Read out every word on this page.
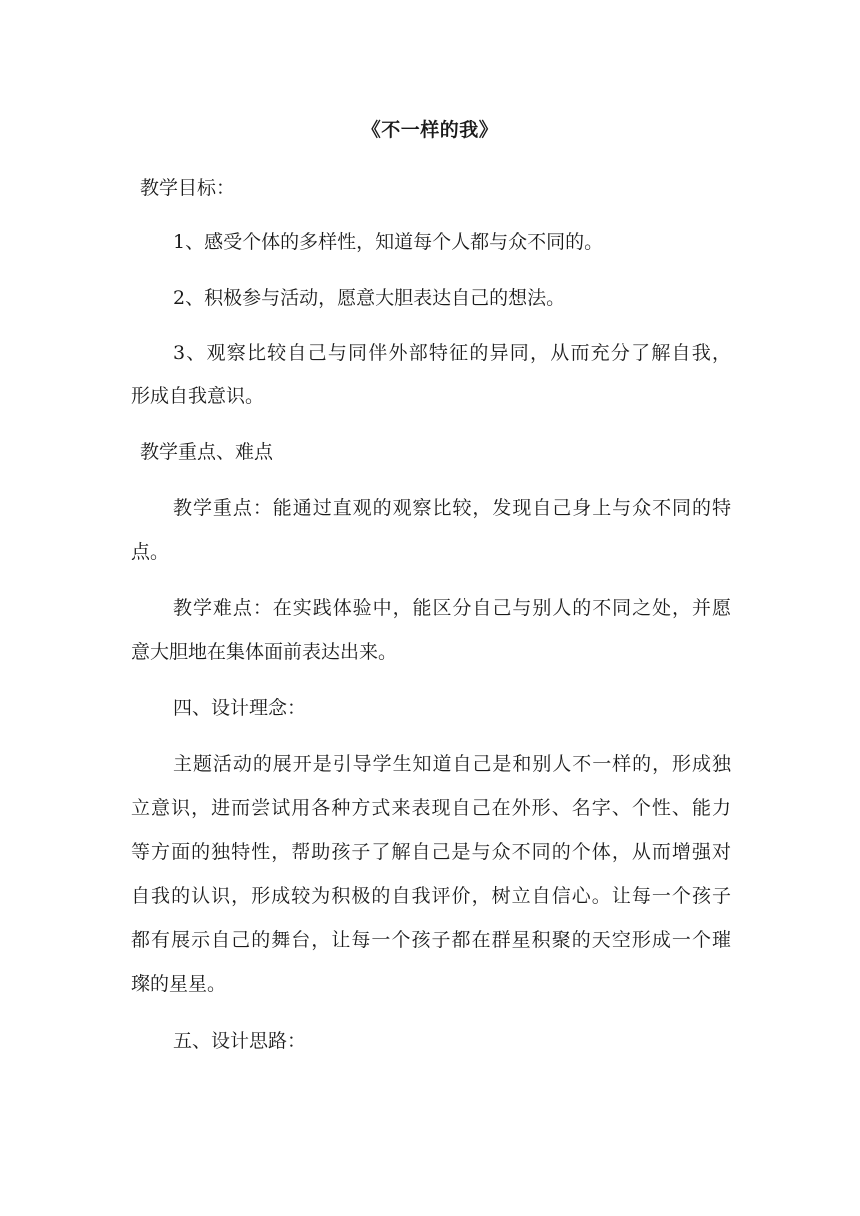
《不一样的我》
教学目标：
1、感受个体的多样性，知道每个人都与众不同的。
2、积极参与活动，愿意大胆表达自己的想法。
3、观察比较自己与同伴外部特征的异同，从而充分了解自我，
形成自我意识。
教学重点、难点
教学重点：能通过直观的观察比较，发现自己身上与众不同的特
点。
教学难点：在实践体验中，能区分自己与别人的不同之处，并愿
意大胆地在集体面前表达出来。
四、设计理念：
主题活动的展开是引导学生知道自己是和别人不一样的，形成独
立意识，进而尝试用各种方式来表现自己在外形、名字、个性、能力
等方面的独特性，帮助孩子了解自己是与众不同的个体，从而增强对
自我的认识，形成较为积极的自我评价，树立自信心。让每一个孩子
都有展示自己的舞台，让每一个孩子都在群星积聚的天空形成一个璀
璨的星星。
五、设计思路：
